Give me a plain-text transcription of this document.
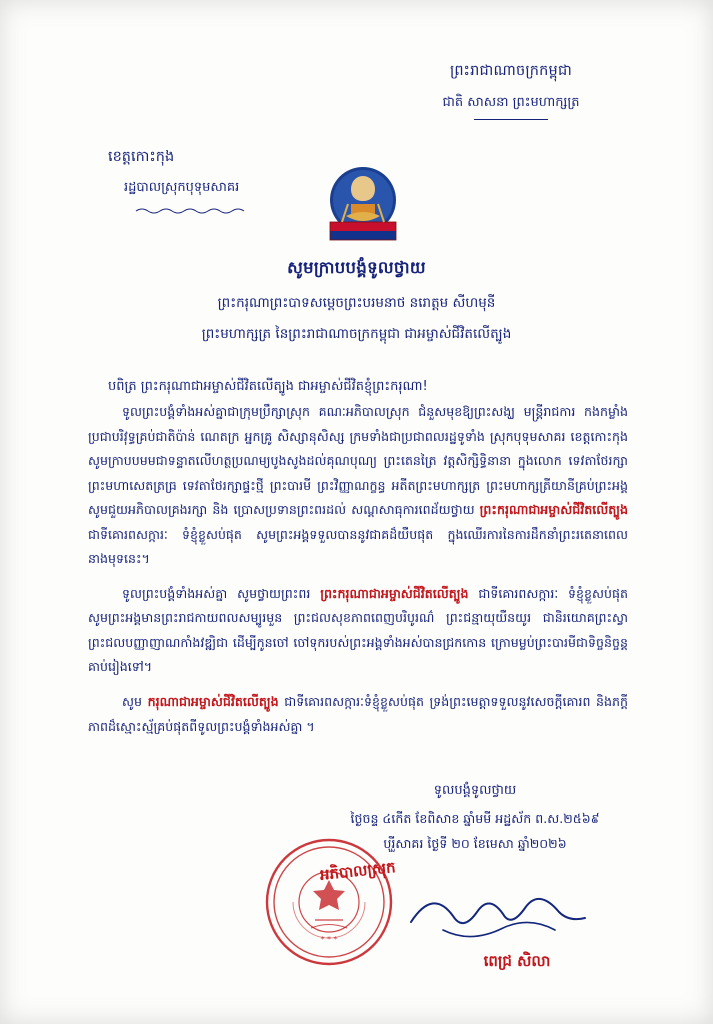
ព្រះរាជាណាចក្រកម្ពុជា
ជាតិ សាសនា ព្រះមហាក្សត្រ
ខេត្តកោះកុង
រដ្ឋបាលស្រុកបុទុមសាគរ
សូមក្រាបបង្គំទូលថ្វាយ
ព្រះករុណាព្រះបាទសម្ដេចព្រះបរមនាថ នរោត្តម សីហមុនី
ព្រះមហាក្សត្រ នៃព្រះរាជាណាចក្រកម្ពុជា ជាអម្ចាស់ជីវិតលើត្បូង
បពិត្រ ព្រះករុណាជាអម្ចាស់ជីវិតលើត្បូង ជាអម្ចាស់ជីវិតខ្ញុំព្រះករុណា!
ទូលព្រះបង្គំទាំងអស់គ្នាជាក្រុមប្រឹក្សាស្រុក គណៈអភិបាលស្រុក ជំនួសមុខឱ្យព្រះសង្ឃ មន្ត្រីរាជការ កងកម្លាំង ប្រជាបរិវុទ្ធគ្រប់ជាតិប៉ាន់ ណេតក្រ អ្នកគ្រូ សិស្សានុសិស្ស ក្រមទាំងជាប្រជាពលរដ្ឋទូទាំង ស្រុកបុទុមសាគរ ខេត្តកោះកុង សូមក្រាបបមមជាទន្ទាតលើហត្ថប្រណម្យបូងសូងដល់គុណបុណ្យ ព្រះតេនត្រៃ វត្តសិក្សិទ្ធិនានា ក្នុងលោក ទេវតាថែរក្សាព្រះមហាសេតត្រធ្រ ទេវតាថែរក្សាផ្ទះថ្មី ព្រះបារមី ព្រះវិញ្ញាណក្ខន្ធ អតីតព្រះមហាក្សត្រ ព្រះមហាក្សត្រីយានីគ្រប់ព្រះអង្គ សូមជួយអភិបាលគ្រងរក្សា និង ប្រោសប្រទានព្រះពរដល់ សណ្ដសាធុការពេដ័យថ្វាយ ព្រះករុណាជាអម្ចាស់ជីវិតលើត្បូង ជាទីគោរពសក្ការៈ ទំខ្ញុំខ្លួសប់ផុត សូមព្រះអង្គទទួលបាននូវជាគដ៏យឺបផុត ក្នុងឈើរការនៃការដឹកនាំព្រះរតេនាពេលនាងមុទនេះ។
ទូលព្រះបង្គំទាំងអស់គ្នា សូមថ្វាយព្រះពរ ព្រះករុណាជាអម្ចាស់ជីវិតលើត្បូង ជាទីគោរពសក្ការៈ ទំខ្ញុំខ្លួសប់ផុត សូមព្រះអង្គមានព្រះរាជកាយពលសម្បូរមួន ព្រះជលសុខភាពពេញបរិបូរណ៌ ព្រះជន្មាយុយឺនយូរ ជានិរយោគព្រះស្វា ព្រះជលបញ្ញាញាណកាំងវឌ្ឍិជា ដើម្បីកូនចៅ ចៅទុករបស់ព្រះអង្គទាំងអស់បានជ្រកកោន ក្រោមម្លប់ព្រះបារមីជាទិច្ចនិច្ចន្តគាប់រៀងទៅ។
សូម ករុណាជាអម្ចាស់ជីវិតលើត្បូង ជាទីគោរពសក្ការៈទំខ្ញុំខ្លួសប់ផុត ទ្រង់ព្រះមេត្តាទទួលនូវសេចក្ដីគោរព និងភក្ដីភាពដ៏ស្មោះស្ម័គ្រប់ផុតពីទូលព្រះបង្គំទាំងអស់គ្នា ។
ទូលបង្គំទូលថ្វាយ
ថ្ងៃចន្ទ ៤កើត ខែពិសាខ ឆ្នាំមមី អដ្ឋស័ក ព.ស.២៥៦៩
បុរួីសាគរ ថ្ងៃទី ២០ ខែមេសា ឆ្នាំ២០២៦
* * *
អភិបាលស្រុក
ពេជ្រ សិលា
